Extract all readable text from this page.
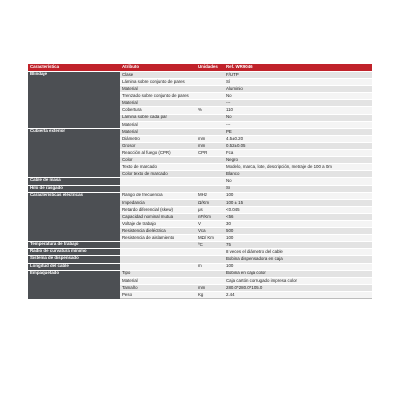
Característica	Atributo	Unidades	Ref. WR9046
Blindaje	Clase		F/UTP
	Lámina sobre conjunto de pares		Sí
	Material		Aluminio
	Trenzado sobre conjunto de pares		No
	Material		---
	Cobertura	%	110
	Lámina sobre cada par		No
	Material		---
Cubierta exterior	Material		PE
	Diámetro	mm	4.5±0.20
	Grosor	mm	0.52±0.05
	Reacción al fuego (CPR)	CPR	Fca
	Color		Negro
	Texto de marcado		Modelo, marca, lote, descripción, metraje de 100 a 0m
	Color texto de marcado		Blanco
Cable de masa			No
Hilo de rasgado			Sí
Características eléctricas	Rango de frecuencia	MHz	100
	Impedancia	Ω/Km	100 ± 15
	Retardo diferencial (skew)	μs	<0.045
	Capacidad nominal mutua	nF/Km	<56
	Voltaje de trabajo	V	30
	Resistencia dieléctrica	Vca	500
	Resistencia de aislamiento	MΩ/ Km	100
Temperatura de trabajo		ºC	75
Radio de curvatura mínimo			8 veces el diámetro del cable
Sistema de dispensado			Bobina dispensadora en caja
Longitud del cable		m	100
Empaquetado	Tipo		Bobina en caja color
	Material		Caja cartón corrugado impresa color
	Tamaño	mm	280.0*280.0*105.0
	Peso	Kg	2.44
